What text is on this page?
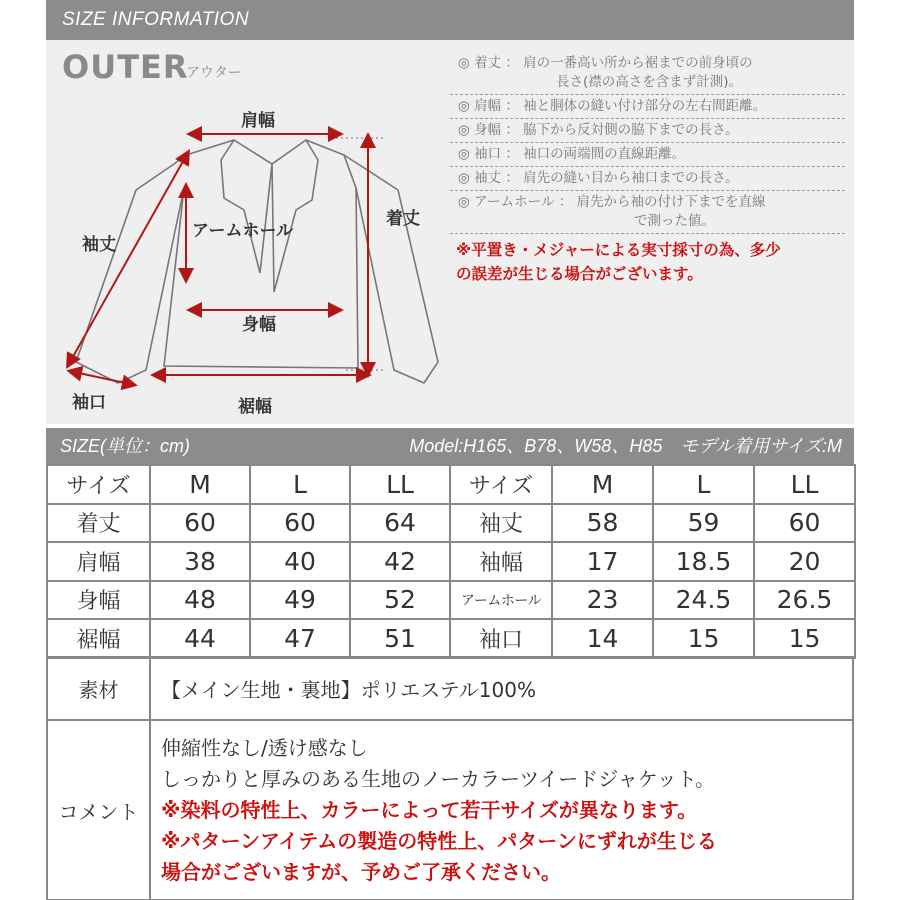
SIZE INFORMATION
肩幅
着丈
袖丈
アームホール
身幅
裾幅
袖口
OUTER
アウター
◎ 着丈 ： 肩の一番高い所から裾までの前身頃の
長さ(襟の高さを含まず計測)。
◎ 肩幅 ： 袖と胴体の縫い付け部分の左右間距離。
◎ 身幅 ： 脇下から反対側の脇下までの長さ。
◎ 袖口 ： 袖口の両端間の直線距離。
◎ 袖丈 ： 肩先の縫い目から袖口までの長さ。
◎ アームホール ： 肩先から袖の付け下までを直線
で測った値。
※平置き・メジャーによる実寸採寸の為、多少
の誤差が生じる場合がございます。
SIZE(単位：cm)	Model:H165、B78、W58、H85　モデル着用サイズ:M
サイズ	M	L	LL	サイズ	M	L	LL
着丈	60	60	64	袖丈	58	59	60
肩幅	38	40	42	袖幅	17	18.5	20
身幅	48	49	52	アームホール	23	24.5	26.5
裾幅	44	47	51	袖口	14	15	15
素材	【メイン生地・裏地】ポリエステル100%
コメント	伸縮性なし/透け感なし
しっかりと厚みのある生地のノーカラーツイードジャケット。
※染料の特性上、カラーによって若干サイズが異なります。
※パターンアイテムの製造の特性上、パターンにずれが生じる
場合がございますが、予めご了承ください。
